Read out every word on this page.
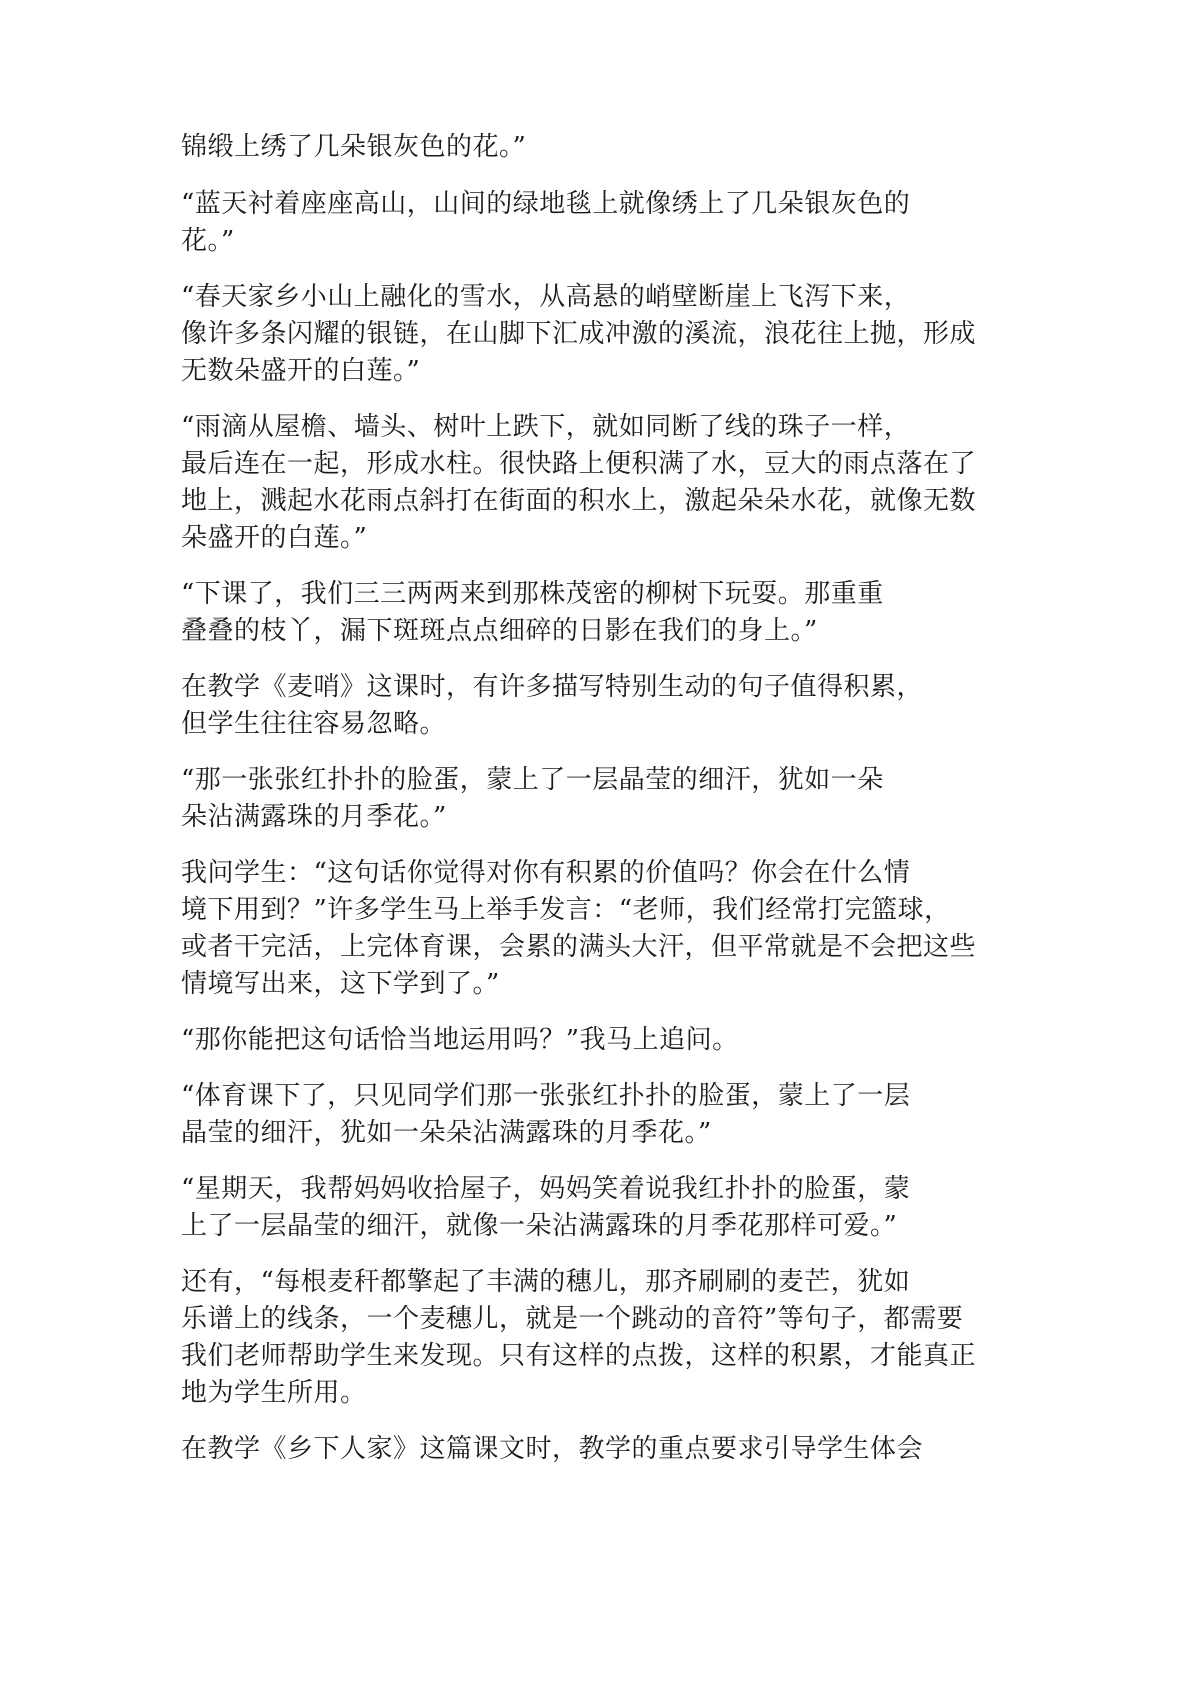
锦缎上绣了几朵银灰色的花。”
“蓝天衬着座座高山，山间的绿地毯上就像绣上了几朵银灰色的
花。”
“春天家乡小山上融化的雪水，从高悬的峭壁断崖上飞泻下来，
像许多条闪耀的银链，在山脚下汇成冲激的溪流，浪花往上抛，形成
无数朵盛开的白莲。”
“雨滴从屋檐、墙头、树叶上跌下，就如同断了线的珠子一样，
最后连在一起，形成水柱。很快路上便积满了水，豆大的雨点落在了
地上，溅起水花雨点斜打在街面的积水上，激起朵朵水花，就像无数
朵盛开的白莲。”
“下课了，我们三三两两来到那株茂密的柳树下玩耍。那重重
叠叠的枝丫，漏下斑斑点点细碎的日影在我们的身上。”
在教学《麦哨》这课时，有许多描写特别生动的句子值得积累，
但学生往往容易忽略。
“那一张张红扑扑的脸蛋，蒙上了一层晶莹的细汗，犹如一朵
朵沾满露珠的月季花。”
我问学生：“这句话你觉得对你有积累的价值吗？你会在什么情
境下用到？”许多学生马上举手发言：“老师，我们经常打完篮球，
或者干完活，上完体育课，会累的满头大汗，但平常就是不会把这些
情境写出来，这下学到了。”
“那你能把这句话恰当地运用吗？”我马上追问。
“体育课下了，只见同学们那一张张红扑扑的脸蛋，蒙上了一层
晶莹的细汗，犹如一朵朵沾满露珠的月季花。”
“星期天，我帮妈妈收拾屋子，妈妈笑着说我红扑扑的脸蛋，蒙
上了一层晶莹的细汗，就像一朵沾满露珠的月季花那样可爱。”
还有，“每根麦秆都擎起了丰满的穗儿，那齐刷刷的麦芒，犹如
乐谱上的线条，一个麦穗儿，就是一个跳动的音符”等句子，都需要
我们老师帮助学生来发现。只有这样的点拨，这样的积累，才能真正
地为学生所用。
在教学《乡下人家》这篇课文时，教学的重点要求引导学生体会
